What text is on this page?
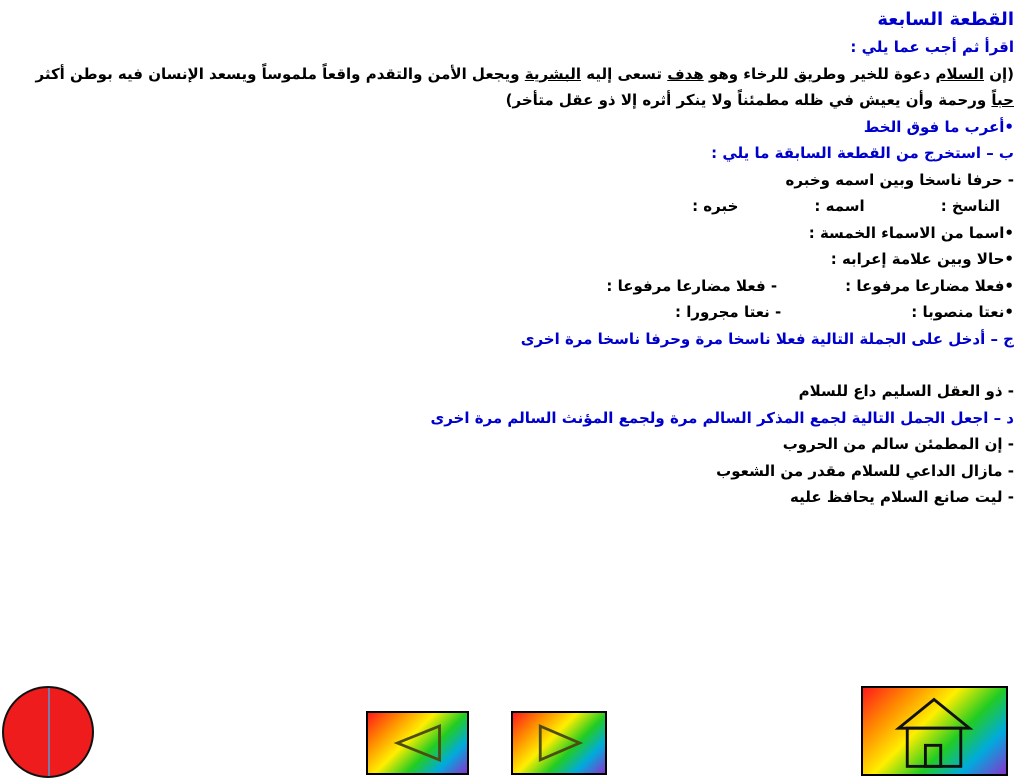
القطعة السابعة
اقرأ ثم أجب عما يلي :
(إن السلام دعوة للخير وطريق للرخاء وهو هدف تسعى إليه البشرية ويجعل الأمن والتقدم واقعاً ملموساً ويسعد الإنسان فيه بوطن أكثر حباً ورحمة وأن يعيش في ظله مطمئناً ولا ينكر أثره إلا ذو عقل متأخر)
•أعرب ما فوق الخط
ب – استخرج من القطعة السابقة ما يلي :
- حرفا ناسخا وبين اسمه وخبره
الناسخ :اسمه :خبره :
•اسما من الاسماء الخمسة :
•حالا وبين علامة إعرابه :
•فعلا مضارعا مرفوعا :- فعلا مضارعا مرفوعا :
•نعتا منصوبا :- نعتا مجرورا :
ج – أدخل على الجملة التالية فعلا ناسخا مرة وحرفا ناسخا مرة اخرى
- ذو العقل السليم داع للسلام
د – اجعل الجمل التالية لجمع المذكر السالم مرة ولجمع المؤنث السالم مرة اخرى
- إن المطمئن سالم من الحروب
- مازال الداعي للسلام مقدر من الشعوب
- ليت صانع السلام يحافظ عليه
